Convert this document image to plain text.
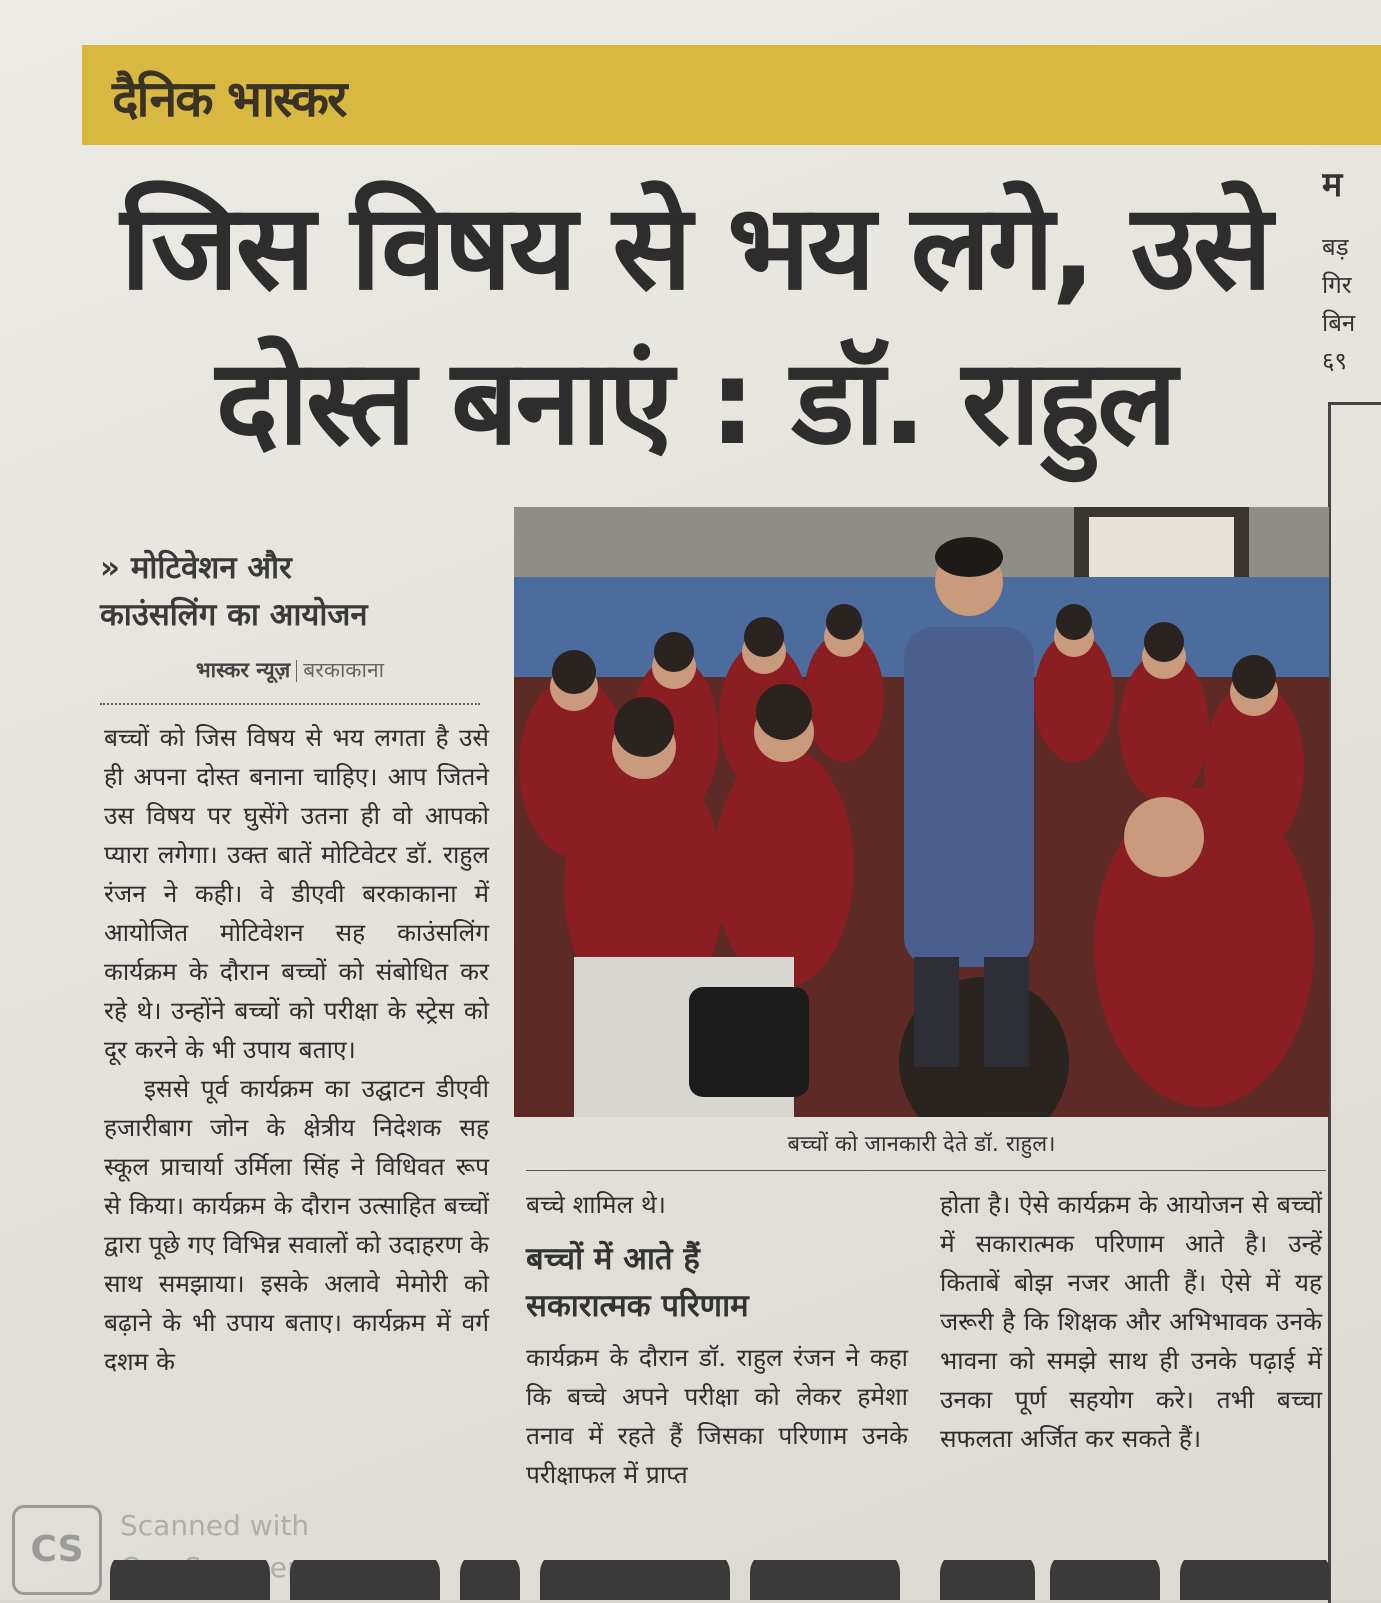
दैनिक भास्कर
जिस विषय से भय लगे, उसे
दोस्त बनाएं : डॉ. राहुल
म
बड़
गिर
बिन
६९
» मोटिवेशन और
काउंसलिंग का आयोजन
भास्कर न्यूज़ बरकाकाना

बच्चों को जिस विषय से भय लगता है उसे ही अपना दोस्त बनाना चाहिए। आप जितने उस विषय पर घुसेंगे उतना ही वो आपको प्यारा लगेगा। उक्त बातें मोटिवेटर डॉ. राहुल रंजन ने कही। वे डीएवी बरकाकाना में आयोजित मोटिवेशन सह काउंसलिंग कार्यक्रम के दौरान बच्चों को संबोधित कर रहे थे। उन्होंने बच्चों को परीक्षा के स्ट्रेस को दूर करने के भी उपाय बताए।

इससे पूर्व कार्यक्रम का उद्घाटन डीएवी हजारीबाग जोन के क्षेत्रीय निदेशक सह स्कूल प्राचार्या उर्मिला सिंह ने विधिवत रूप से किया। कार्यक्रम के दौरान उत्साहित बच्चों द्वारा पूछे गए विभिन्न सवालों को उदाहरण के साथ समझाया। इसके अलावे मेमोरी को बढ़ाने के भी उपाय बताए। कार्यक्रम में वर्ग दशम के

बच्चों को जानकारी देते डॉ. राहुल।

बच्चे शामिल थे।

बच्चों में आते हैं
सकारात्मक परिणाम

कार्यक्रम के दौरान डॉ. राहुल रंजन ने कहा कि बच्चे अपने परीक्षा को लेकर हमेशा तनाव में रहते हैं जिसका परिणाम उनके परीक्षाफल में प्राप्त

होता है। ऐसे कार्यक्रम के आयोजन से बच्चों में सकारात्मक परिणाम आते है। उन्हें किताबें बोझ नजर आती हैं। ऐसे में यह जरूरी है कि शिक्षक और अभिभावक उनके भावना को समझे साथ ही उनके पढ़ाई में उनका पूर्ण सहयोग करे। तभी बच्चा सफलता अर्जित कर सकते हैं।

CS
Scanned with
